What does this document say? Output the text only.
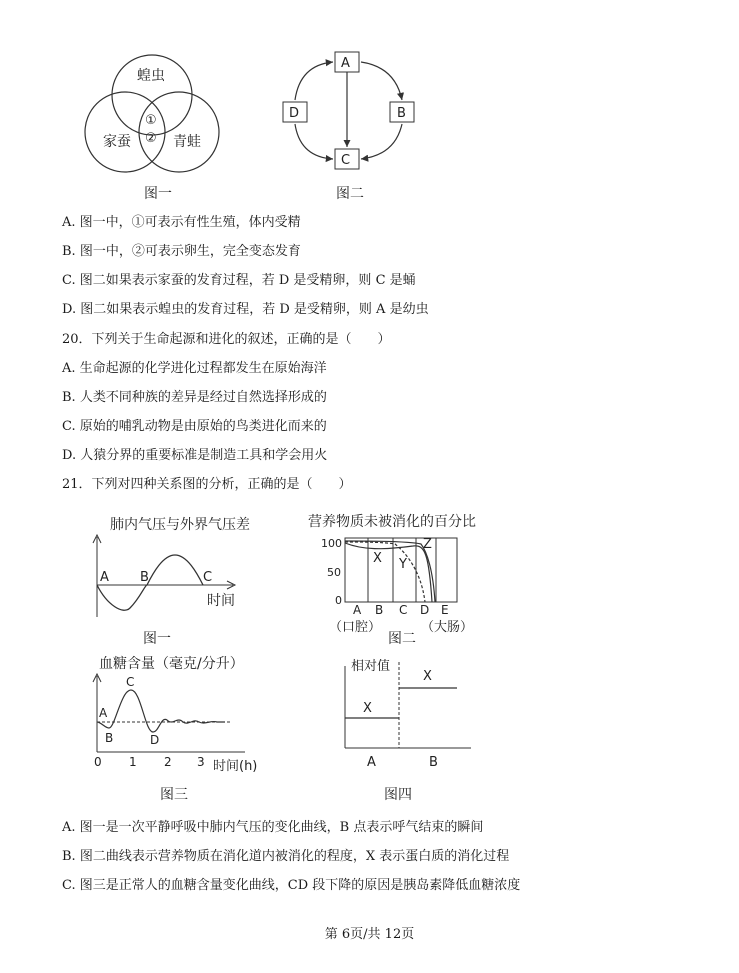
蝗虫
家蚕	青蛙
①
②
图一
A
B
C
D
图二
A. 图一中，①可表示有性生殖，体内受精
B. 图一中，②可表示卵生，完全变态发育
C. 图二如果表示家蚕的发育过程，若 D 是受精卵，则 C 是蛹
D. 图二如果表示蝗虫的发育过程，若 D 是受精卵，则 A 是幼虫
20．下列关于生命起源和进化的叙述，正确的是（　　）
A. 生命起源的化学进化过程都发生在原始海洋
B. 人类不同种族的差异是经过自然选择形成的
C. 原始的哺乳动物是由原始的鸟类进化而来的
D. 人猿分界的重要标准是制造工具和学会用火
21．下列对四种关系图的分析，正确的是（　　）
肺内气压与外界气压差
A B	C
时间
图一
营养物质未被消化的百分比
100
50
0
X Y
Z
A B C D E
（口腔）	（大肠）
图二
血糖含量（毫克/分升）
A
B
C
D
0 1 2 3 时间(h)
图三
相对值
X
X
A	B
图四
A. 图一是一次平静呼吸中肺内气压的变化曲线，B 点表示呼气结束的瞬间
B. 图二曲线表示营养物质在消化道内被消化的程度，X 表示蛋白质的消化过程
C. 图三是正常人的血糖含量变化曲线，CD 段下降的原因是胰岛素降低血糖浓度
第 6页/共 12页
